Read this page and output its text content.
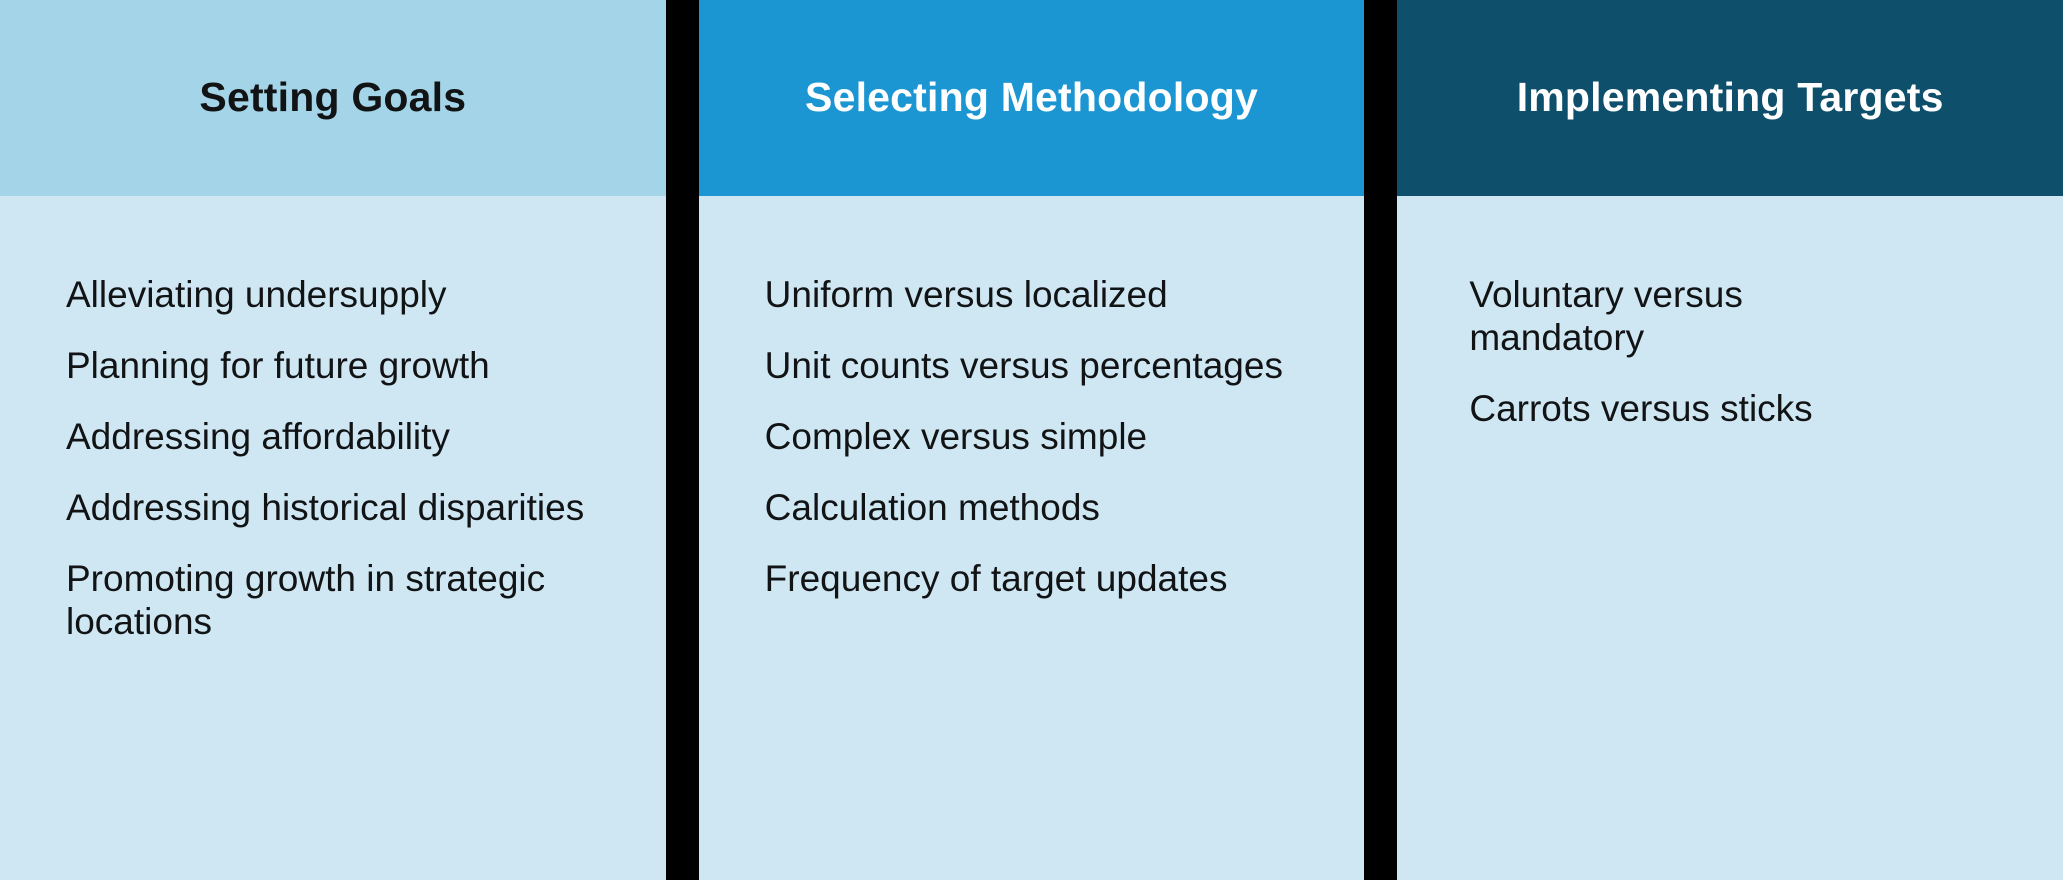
Setting Goals
Alleviating undersupply
Planning for future growth
Addressing affordability
Addressing historical disparities
Promoting growth in strategic locations
Selecting Methodology
Uniform versus localized
Unit counts versus percentages
Complex versus simple
Calculation methods
Frequency of target updates
Implementing Targets
Voluntary versus mandatory
Carrots versus sticks
